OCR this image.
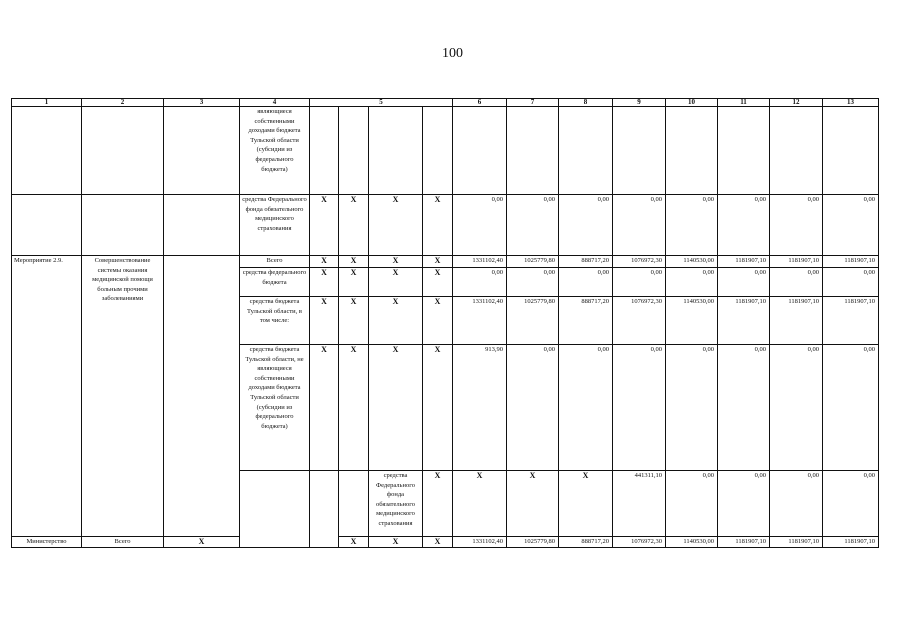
100
1	2	3	4	5				6	7	8	9	10	11	12	13	
			являющиеся собственными доходами бюджета Тульской области (субсидии из федерального бюджета)													
			средства Федерального фонда обязательного медицинского страхования	X	X	X	X	0,00	0,00	0,00	0,00	0,00	0,00	0,00	0,00	
Мероприятие 2.9.	Совершенствование системы оказания медицинской помощи больным прочими заболеваниями		Всего	X	X	X	X	1331102,40	1025779,80	888717,20	1076972,30	1140530,00	1181907,10	1181907,10	1181907,10	
			средства федерального бюджета	X	X	X	X	0,00	0,00	0,00	0,00	0,00	0,00	0,00	0,00	
			средства бюджета Тульской области, в том числе:	X	X	X	X	1331102,40	1025779,80	888717,20	1076972,30	1140530,00	1181907,10	1181907,10	1181907,10	
			средства бюджета Тульской области, не являющиеся собственными доходами бюджета Тульской области (субсидии из федерального бюджета)	X	X	X	X	913,90	0,00	0,00	0,00	0,00	0,00	0,00	0,00	
						средства Федерального фонда обязательного медицинского страхования	X	X	X	X	441311,10	0,00	0,00	0,00	0,00			
Министерство	Всего	X			X	X	X	1331102,40	1025779,80	888717,20	1076972,30	1140530,00	1181907,10	1181907,10	1181907,10	
